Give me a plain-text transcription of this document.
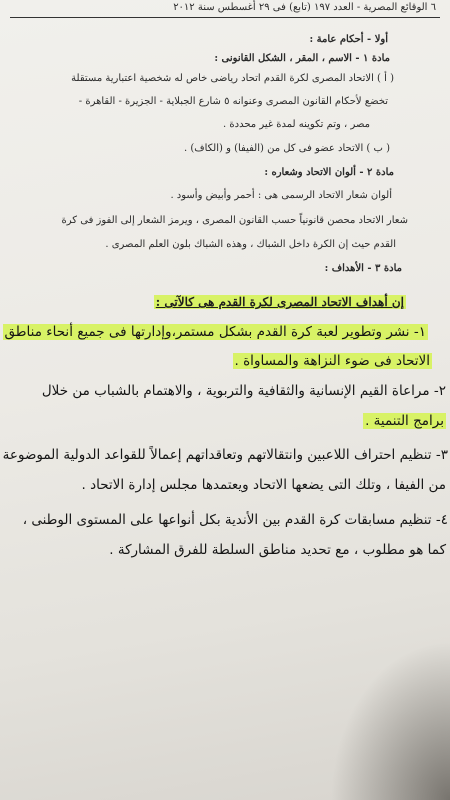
٦ الوقائع المصرية - العدد ١٩٧ (تابع) فى ٢٩ أغسطس سنة ٢٠١٢
أولا - أحكام عامة :
مادة ١ - الاسم ، المقر ، الشكل القانونى :
( أ ) الاتحاد المصرى لكرة القدم اتحاد رياضى خاص له شخصية اعتبارية مستقلة
تخضع لأحكام القانون المصرى وعنوانه ٥ شارع الجبلاية - الجزيرة - القاهرة -
مصر ، وتم تكوينه لمدة غير محددة .
( ب ) الاتحاد عضو فى كل من (الفيفا) و (الكاف) .
مادة ٢ - ألوان الاتحاد وشعاره :
ألوان شعار الاتحاد الرسمى هى : أحمر وأبيض وأسود .
شعار الاتحاد محصن قانونياً حسب القانون المصرى ، ويرمز الشعار إلى الفوز فى كرة
القدم حيث إن الكرة داخل الشباك ، وهذه الشباك بلون العلم المصرى .
مادة ٣ - الأهداف :
إن أهداف الاتحاد المصرى لكرة القدم هى كالآتى :
١- نشر وتطوير لعبة كرة القدم بشكل مستمر،وإدارتها فى جميع أنحاء مناطق
الاتحاد فى ضوء النزاهة والمساواة .
٢- مراعاة القيم الإنسانية والثقافية والتربوية ، والاهتمام بالشباب من خلال
برامج التنمية .
٣- تنظيم احتراف اللاعبين وانتقالاتهم وتعاقداتهم إعمالاً للقواعد الدولية الموضوعة
من الفيفا ، وتلك التى يضعها الاتحاد ويعتمدها مجلس إدارة الاتحاد .
٤- تنظيم مسابقات كرة القدم بين الأندية بكل أنواعها على المستوى الوطنى ،
كما هو مطلوب ، مع تحديد مناطق السلطة للفرق المشاركة .
